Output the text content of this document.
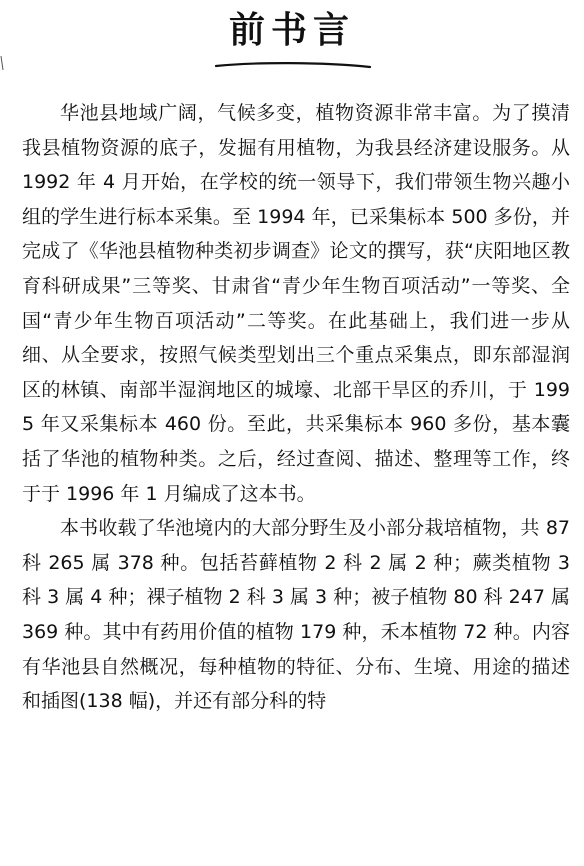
前书言

华池县地域广阔，气候多变，植物资源非常丰富。为了摸清我县植物资源的底子，发掘有用植物，为我县经济建设服务。从 1992 年 4 月开始，在学校的统一领导下，我们带领生物兴趣小组的学生进行标本采集。至 1994 年，已采集标本 500 多份，并完成了《华池县植物种类初步调查》论文的撰写，获“庆阳地区教育科研成果”三等奖、甘肃省“青少年生物百项活动”一等奖、全国“青少年生物百项活动”二等奖。在此基础上，我们进一步从细、从全要求，按照气候类型划出三个重点采集点，即东部湿润区的林镇、南部半湿润地区的城壕、北部干旱区的乔川，于 1995 年又采集标本 460 份。至此，共采集标本 960 多份，基本囊括了华池的植物种类。之后，经过查阅、描述、整理等工作，终于于 1996 年 1 月编成了这本书。

本书收载了华池境内的大部分野生及小部分栽培植物，共 87 科 265 属 378 种。包括苔藓植物 2 科 2 属 2 种；蕨类植物 3 科 3 属 4 种；裸子植物 2 科 3 属 3 种；被子植物 80 科 247 属 369 种。其中有药用价值的植物 179 种，禾本植物 72 种。内容有华池县自然概况，每种植物的特征、分布、生境、用途的描述和插图(138 幅)，并还有部分科的特
